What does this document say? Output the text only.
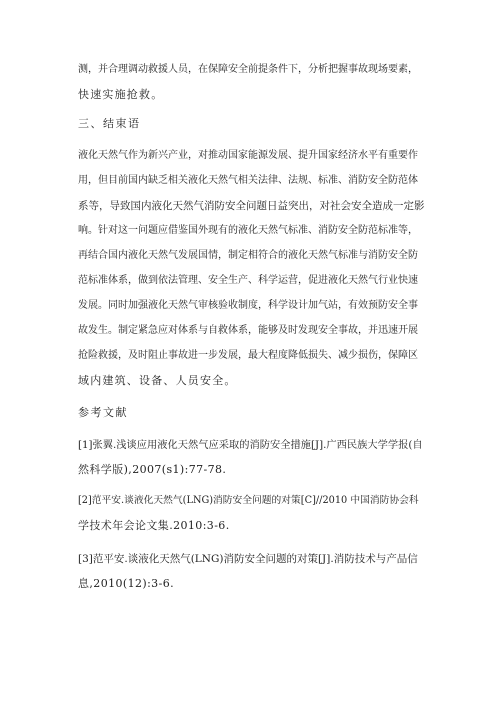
测，并合理调动救援人员，在保障安全前提条件下，分析把握事故现场要素，
快速实施抢救。
三、结束语
液化天然气作为新兴产业，对推动国家能源发展、提升国家经济水平有重要作
用，但目前国内缺乏相关液化天然气相关法律、法规、标准、消防安全防范体
系等，导致国内液化天然气消防安全问题日益突出，对社会安全造成一定影
响。针对这一问题应借鉴国外现有的液化天然气标准、消防安全防范标准等，
再结合国内液化天然气发展国情，制定相符合的液化天然气标准与消防安全防
范标准体系，做到依法管理、安全生产、科学运营，促进液化天然气行业快速
发展。同时加强液化天然气审核验收制度，科学设计加气站，有效预防安全事
故发生。制定紧急应对体系与自救体系，能够及时发现安全事故，并迅速开展
抢险救援，及时阻止事故进一步发展，最大程度降低损失、减少损伤，保障区
域内建筑、设备、人员安全。
参考文献
[1]张翼.浅谈应用液化天然气应采取的消防安全措施[J].广西民族大学学报(自
然科学版),2007(s1):77-78.
[2]范平安.谈液化天然气(LNG)消防安全问题的对策[C]//2010 中国消防协会科
学技术年会论文集.2010:3-6.
[3]范平安.谈液化天然气(LNG)消防安全问题的对策[J].消防技术与产品信
息,2010(12):3-6.
